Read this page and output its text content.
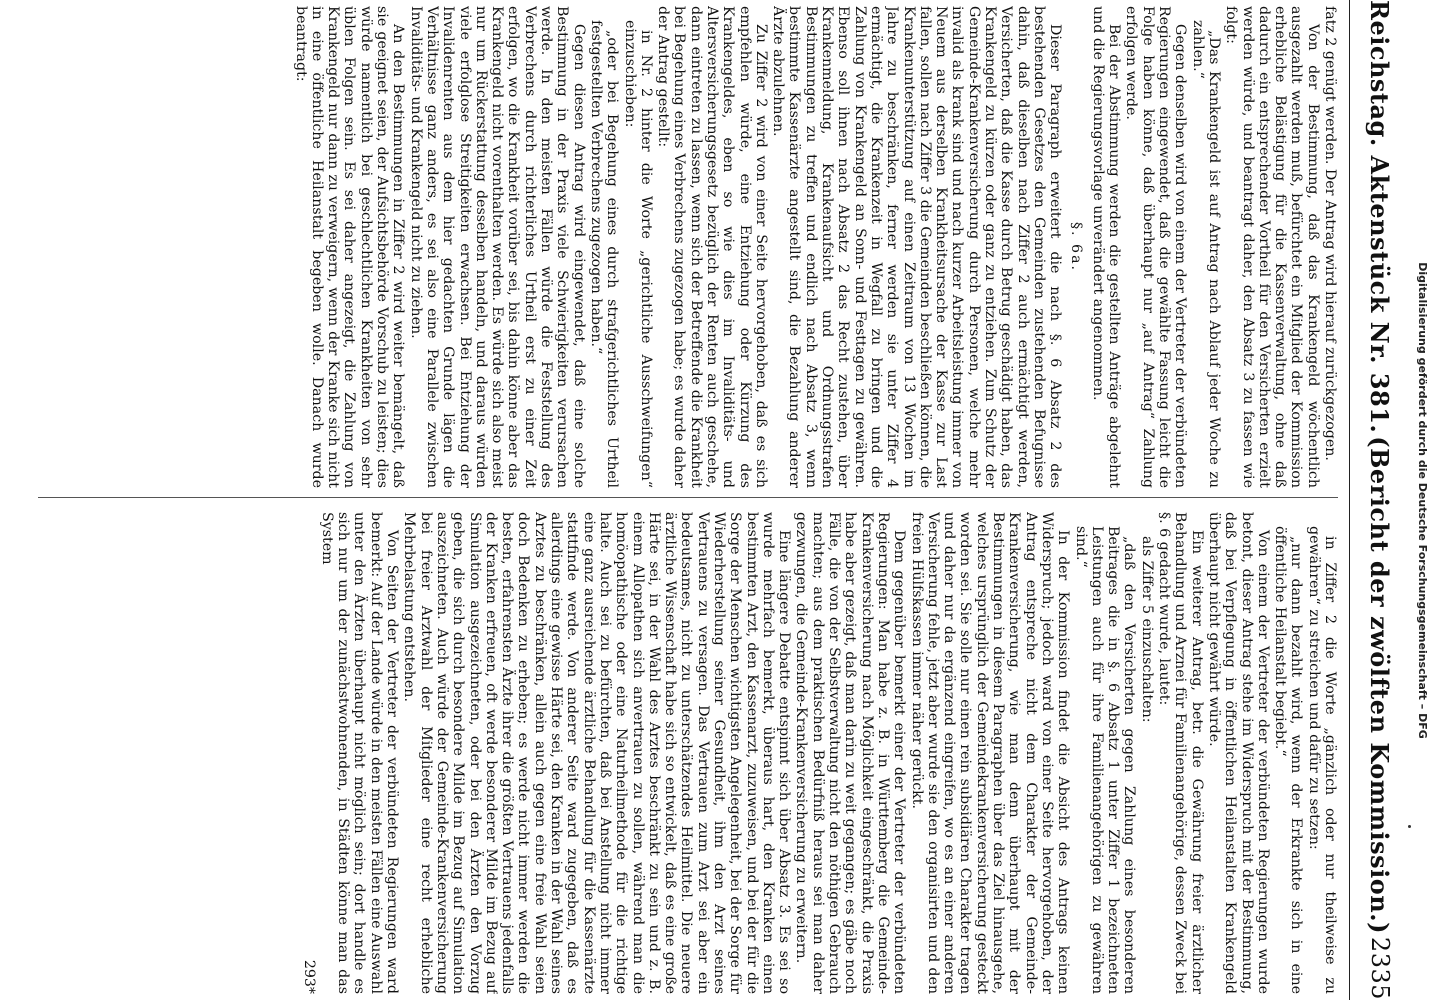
Reichstag. Aktenstück Nr. 381.
(Bericht der zwölften Kommission.)
2335

fatz 2 genügt werden. Der Antrag wird hierauf zurückgezogen.

Von der Bestimmung, daß das Krankengeld wöchentlich ausgezahlt werden muß, befürchtet ein Mitglied der Kommission erhebliche Belästigung für die Kassenverwaltung, ohne daß dadurch ein entsprechender Vortheil für den Versicherten erzielt werden würde, und beantragt daher, den Absatz 3 zu fassen wie folgt:

„Das Krankengeld ist auf Antrag nach Ablauf jeder Woche zu zahlen.“

Gegen denselben wird von einem der Vertreter der verbündeten Regierungen eingewendet, daß die gewählte Fassung leicht die Folge haben könne, daß überhaupt nur „auf Antrag“ Zahlung erfolgen werde.

Bei der Abstimmung werden die gestellten Anträge abgelehnt und die Regierungsvorlage unverändert angenommen.

§. 6a.

Dieser Paragraph erweitert die nach §. 6 Absatz 2 des bestehenden Gesetzes den Gemeinden zustehenden Befugnisse dahin, daß dieselben nach Ziffer 2 auch ermächtigt werden, Versicherten, daß die Kasse durch Betrug geschädigt haben, das Krankengeld zu kürzen oder ganz zu entziehen. Zum Schutz der Gemeinde-Krankenversicherung durch Personen, welche mehr invalid als krank sind und nach kurzer Arbeitsleistung immer von Neuem aus derselben Krankheitsursache der Kasse zur Last fallen, sollen nach Ziffer 3 die Gemeinden beschließen können, die Krankenunterstützung auf einen Zeitraum von 13 Wochen im Jahre zu beschränken, ferner werden sie unter Ziffer 4 ermächtigt, die Krankenzeit in Wegfall zu bringen und die Zahlung von Krankengeld an Sonn- und Festtagen zu gewähren. Ebenso soll ihnen nach Absatz 2 das Recht zustehen, über Krankenmeldung, Krankenaufsicht und Ordnungsstrafen Bestimmungen zu treffen und endlich nach Absatz 3, wenn bestimmte Kassenärzte angestellt sind, die Bezahlung anderer Ärzte abzulehnen.

Zu Ziffer 2 wird von einer Seite hervorgehoben, daß es sich empfehlen würde, eine Entziehung oder Kürzung des Krankengeldes, eben so wie dies im Invaliditäts- und Altersversicherungsgesetz bezüglich der Renten auch geschehe, dann eintreten zu lassen, wenn sich der Betreffende die Krankheit bei Begehung eines Verbrechens zugezogen habe; es wurde daher der Antrag gestellt:

in Nr. 2 hinter die Worte „gerichtliche Ausschweifungen“ einzuschieben:

„oder bei Begehung eines durch strafgerichtliches Urtheil festgestellten Verbrechens zugezogen haben.“

Gegen diesen Antrag wird eingewendet, daß eine solche Bestimmung in der Praxis viele Schwierigkeiten verursachen werde. In den meisten Fällen würde die Feststellung des Verbrechens durch richterliches Urtheil erst zu einer Zeit erfolgen, wo die Krankheit vorüber sei, bis dahin könne aber das Krankengeld nicht vorenthalten werden. Es würde sich also meist nur um Rückerstattung desselben handeln, und daraus würden viele erfolglose Streitigkeiten erwachsen. Bei Entziehung der Invalidenrenten aus dem hier gedachten Grunde lägen die Verhältnisse ganz anders, es sei also eine Parallele zwischen Invaliditäts- und Krankengeld nicht zu ziehen.

An den Bestimmungen in Ziffer 2 wird weiter bemängelt, daß sie geeignet seien, der Aufsichtsbehörde Vorschub zu leisten; dies würde namentlich bei geschlechtlichen Krankheiten von sehr üblen Folgen sein. Es sei daher angezeigt, die Zahlung von Krankengeld nur dann zu verweigern, wenn der Kranke sich nicht in eine öffentliche Heilanstalt begeben wolle. Danach wurde beantragt:

in Ziffer 2 die Worte „gänzlich oder nur theilweise zu gewähren“ zu streichen und dafür zu setzen:

„nur dann bezahlt wird, wenn der Erkrankte sich in eine öffentliche Heilanstalt begiebt.“

Von einem der Vertreter der verbündeten Regierungen wurde betont, dieser Antrag stehe im Widerspruch mit der Bestimmung, daß bei Verpflegung in öffentlichen Heilanstalten Krankengeld überhaupt nicht gewährt würde.

Ein weiterer Antrag, betr. die Gewährung freier ärztlicher Behandlung und Arznei für Familienangehörige, dessen Zweck bei §. 6 gedacht wurde, lautet:

als Ziffer 5 einzuschalten:

„daß den Versicherten gegen Zahlung eines besonderen Beitrages die in §. 6 Absatz 1 unter Ziffer 1 bezeichneten Leistungen auch für ihre Familienangehörigen zu gewähren sind.“

In der Kommission findet die Absicht des Antrags keinen Widerspruch; jedoch ward von einer Seite hervorgehoben, der Antrag entspreche nicht dem Charakter der Gemeinde-Krankenversicherung, wie man denn überhaupt mit der Bestimmungen in diesem Paragraphen über das Ziel hinausgehe, welches ursprünglich der Gemeindekrankenversicherung gesteckt worden sei. Sie solle nur einen rein subsidiären Charakter tragen und daher nur da ergänzend eingreifen, wo es an einer anderen Versicherung fehle, jetzt aber wurde sie den organisirten und den freien Hülfskassen immer näher gerückt.

Dem gegenüber bemerkt einer der Vertreter der verbündeten Regierungen: Man habe z. B. in Württemberg die Gemeinde-Krankenversicherung nach Möglichkeit eingeschränkt, die Praxis habe aber gezeigt, daß man darin zu weit gegangen; es gäbe noch Fälle, die von der Selbstverwaltung nicht den nöthigen Gebrauch machten; aus dem praktischen Bedürfniß heraus sei man daher gezwungen, die Gemeinde-Krankenversicherung zu erweitern.

Eine längere Debatte entspinnt sich über Absatz 3. Es sei so wurde mehrfach bemerkt, überaus hart, den Kranken einen bestimmten Arzt, den Kassenarzt, zuzuweisen, und bei der für die Sorge der Menschen wichtigsten Angelegenheit, bei der Sorge für Wiederherstellung seiner Gesundheit, ihm den Arzt seines Vertrauens zu versagen. Das Vertrauen zum Arzt sei aber ein bedeutsames, nicht zu unterschätzendes Heilmittel. Die neuere ärztliche Wissenschaft habe sich so entwickelt, daß es eine große Härte sei, in der Wahl des Arztes beschränkt zu sein und z. B. einem Allopathen sich anvertrauen zu sollen, während man die homöopathische oder eine Naturheilmethode für die richtige halte. Auch sei zu befürchten, daß bei Anstellung nicht immer eine ganz ausreichende ärztliche Behandlung für die Kassenärzte stattfinde werde. Von anderer Seite ward zugegeben, daß es allerdings eine gewisse Härte sei, den Kranken in der Wahl seines Arztes zu beschränken, allein auch gegen eine freie Wahl seien doch Bedenken zu erheben; es werde nicht immer werden die besten, erfahrensten Ärzte ihrer die größten Vertrauens jedenfalls der Kranken erfreuen, oft werde besonderer Milde im Bezug auf Simulation ausgezeichneten, oder bei den Ärzten den Vorzug geben, die sich durch besondere Milde im Bezug auf Simulation auszeichneten. Auch würde der Gemeinde-Krankenversicherung bei freier Arztwahl der Mitglieder eine recht erhebliche Mehrbelastung entstehen.

Von Seiten der Vertreter der verbündeten Regierungen ward bemerkt: Auf der Lande würde in den meisten Fällen eine Auswahl unter den Ärzten überhaupt nicht möglich sein; dort handle es sich nur um der zunächstwohnenden, in Städten könne man das System

293*

Digitalisierung gefördert durch die Deutsche Forschungsgemeinschaft – DFG
